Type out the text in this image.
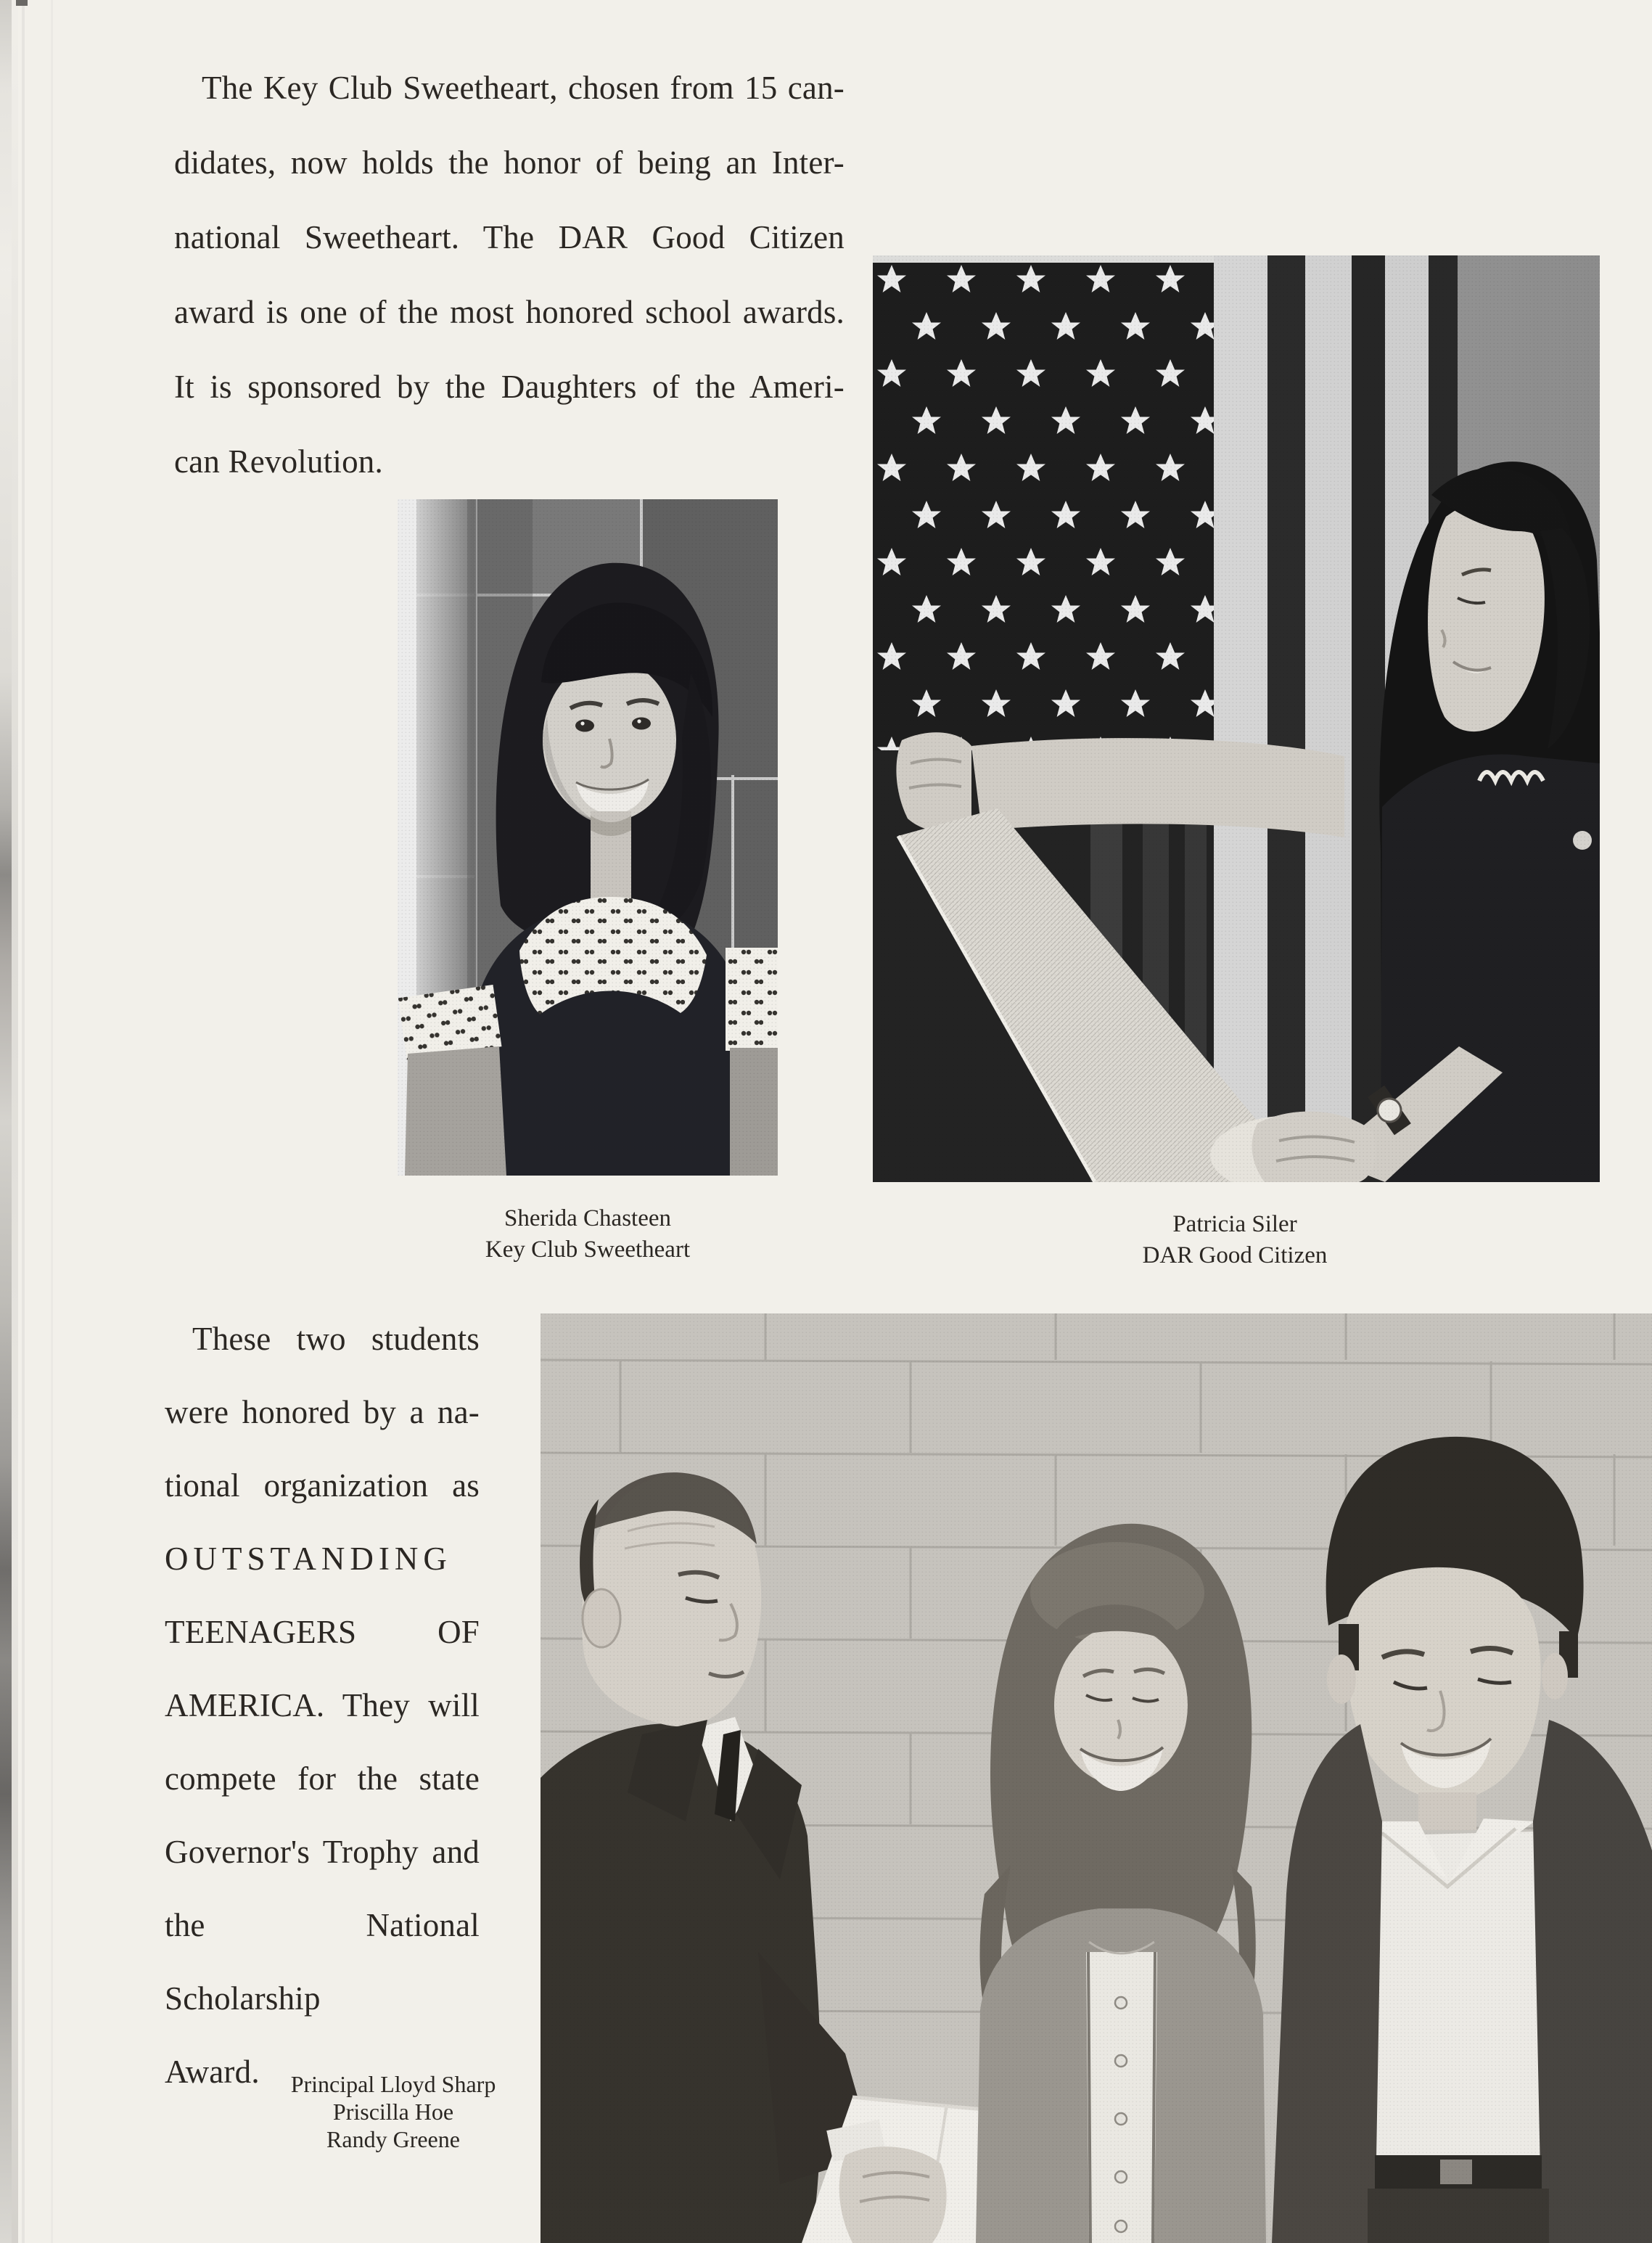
The Key Club Sweetheart, chosen from 15 can-
didates, now holds the honor of being an Inter-
national Sweetheart. The DAR Good Citizen
award is one of the most honored school awards.
It is sponsored by the Daughters of the Ameri-
can Revolution.
Sherida Chasteen
Key Club Sweetheart
Patricia Siler
DAR Good Citizen
These two students
were honored by a na-
tional organization as
OUTSTANDING
TEENAGERS OF
AMERICA. They will
compete for the state
Governor's Trophy and
the National Scholarship
Award.	Principal Lloyd Sharp
Priscilla Hoe
Randy Greene
